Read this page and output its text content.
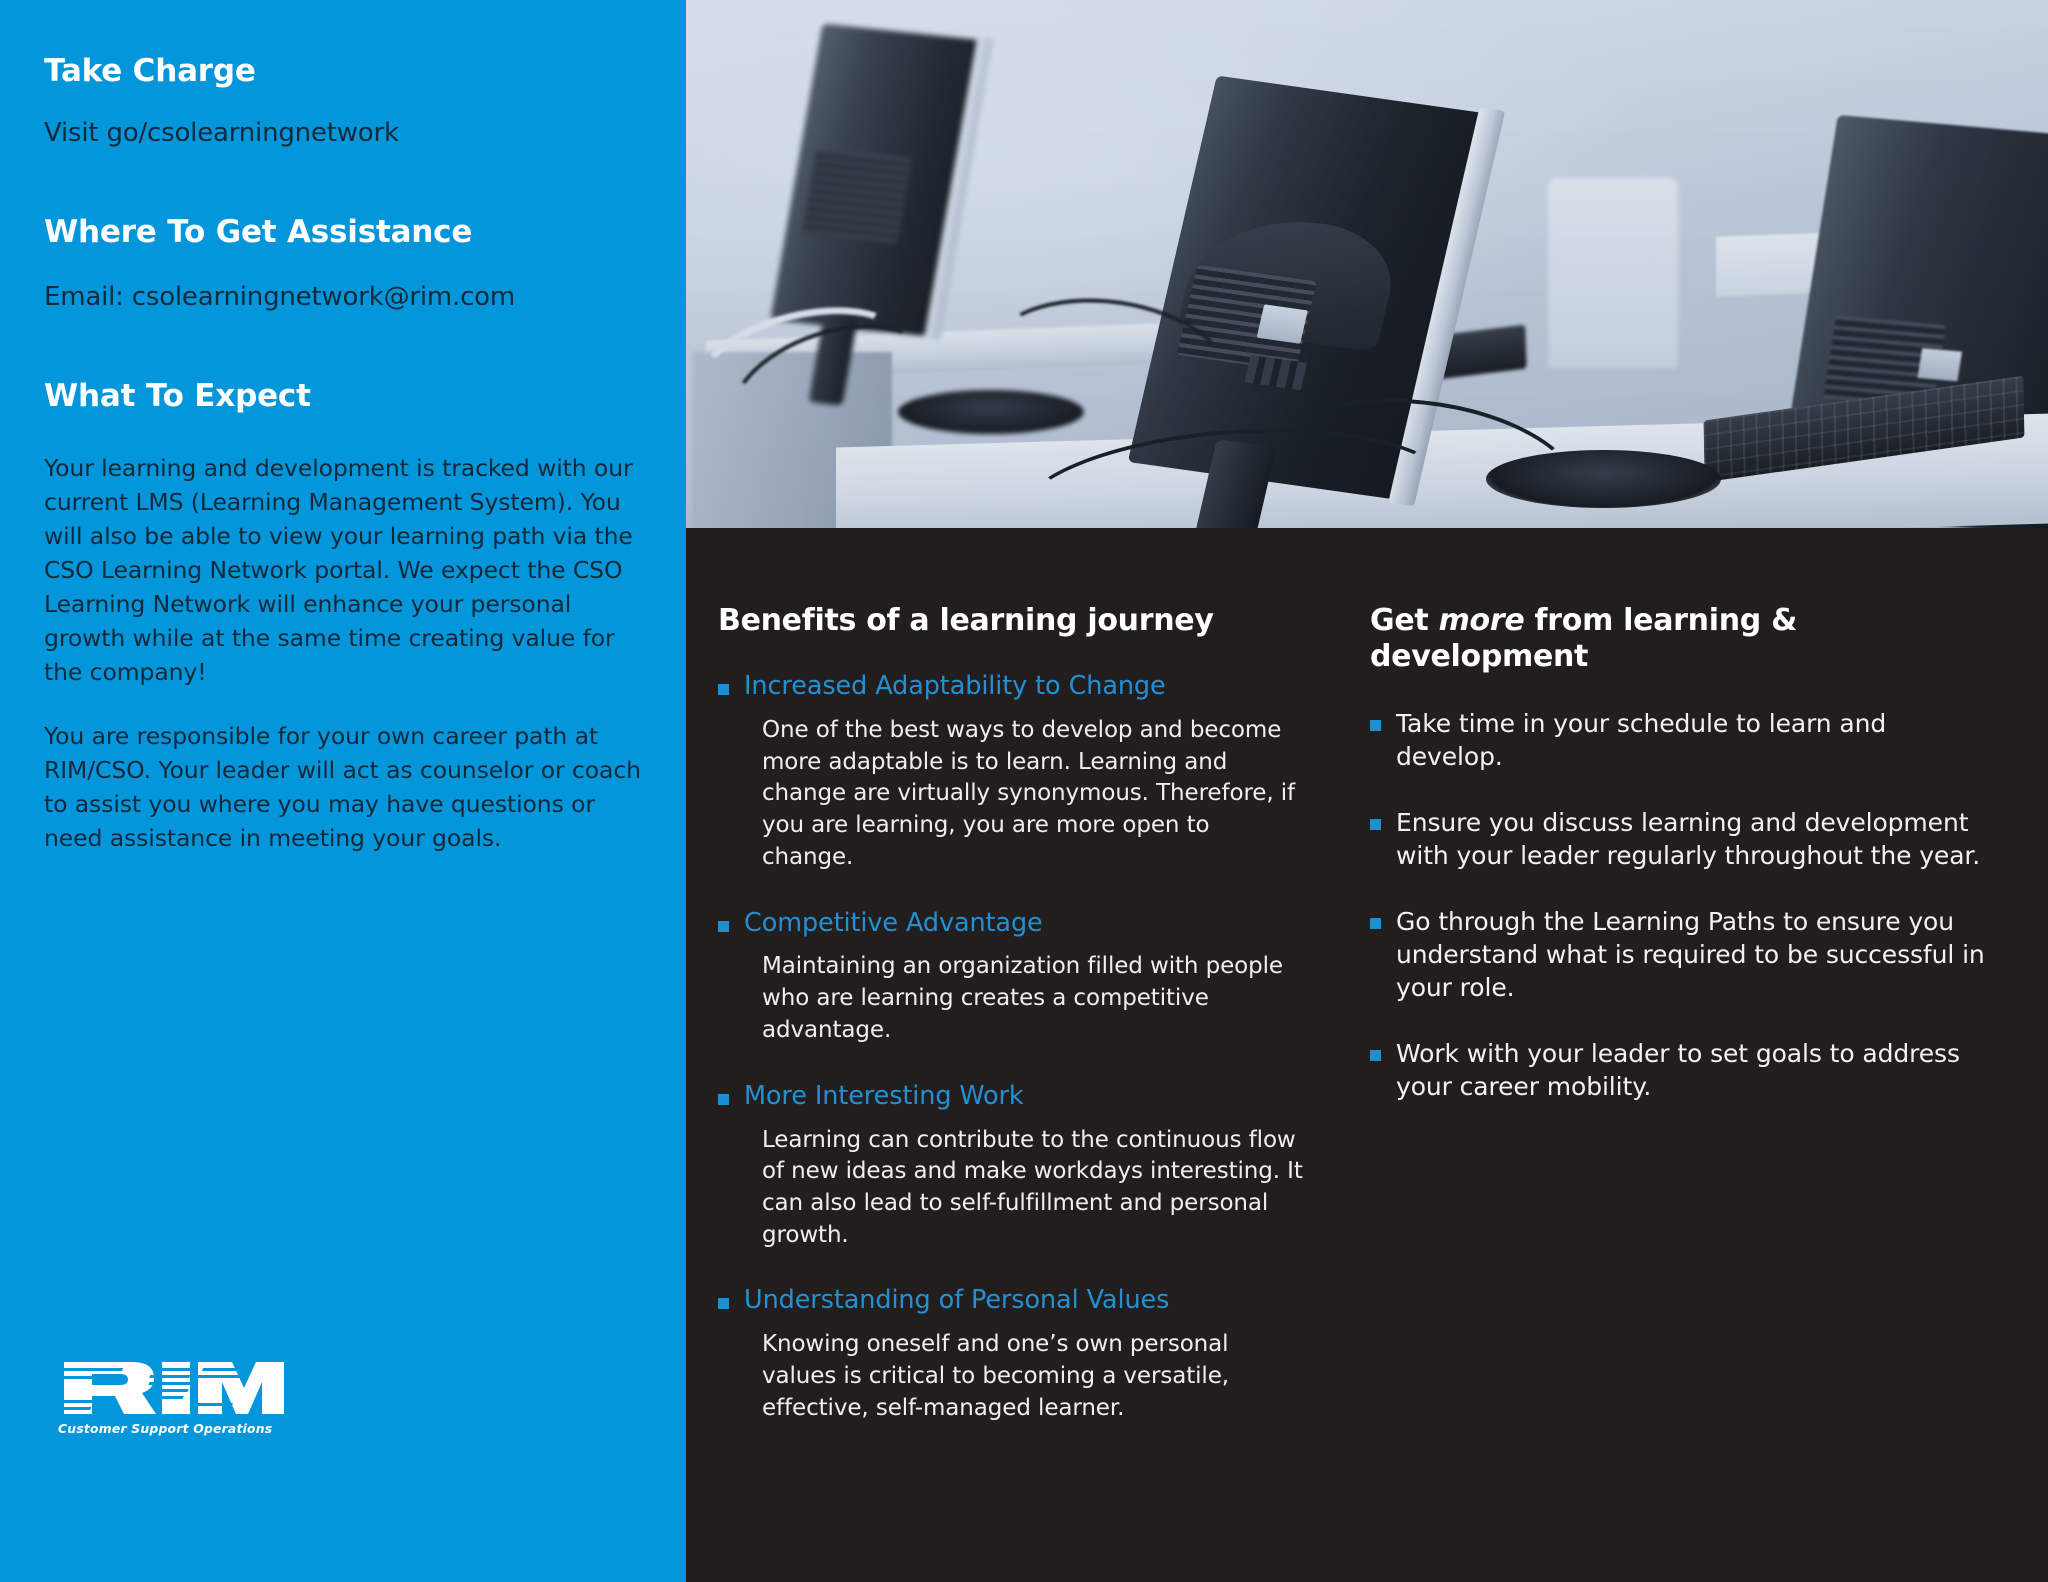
Take Charge

Visit go/csolearningnetwork

Where To Get Assistance

Email: csolearningnetwork@rim.com

What To Expect

Your learning and development is tracked with our current LMS (Learning Management System). You will also be able to view your learning path via the CSO Learning Network portal. We expect the CSO Learning Network will enhance your personal growth while at the same time creating value for the company!

You are responsible for your own career path at RIM/CSO. Your leader will act as counselor or coach to assist you where you may have questions or need assistance in meeting your goals.

®
Customer Support Operations
Benefits of a learning journey
Increased Adaptability to Change

One of the best ways to develop and become more adaptable is to learn. Learning and change are virtually synonymous. Therefore, if you are learning, you are more open to change.

Competitive Advantage

Maintaining an organization filled with people who are learning creates a competitive advantage.

More Interesting Work

Learning can contribute to the continuous flow of new ideas and make workdays interesting. It can also lead to self-fulfillment and personal growth.

Understanding of Personal Values

Knowing oneself and one’s own personal values is critical to becoming a versatile, effective, self-managed learner.

Get more from learning & development
Take time in your schedule to learn and develop.
Ensure you discuss learning and development with your leader regularly throughout the year.
Go through the Learning Paths to ensure you understand what is required to be successful in your role.
Work with your leader to set goals to address your career mobility.
